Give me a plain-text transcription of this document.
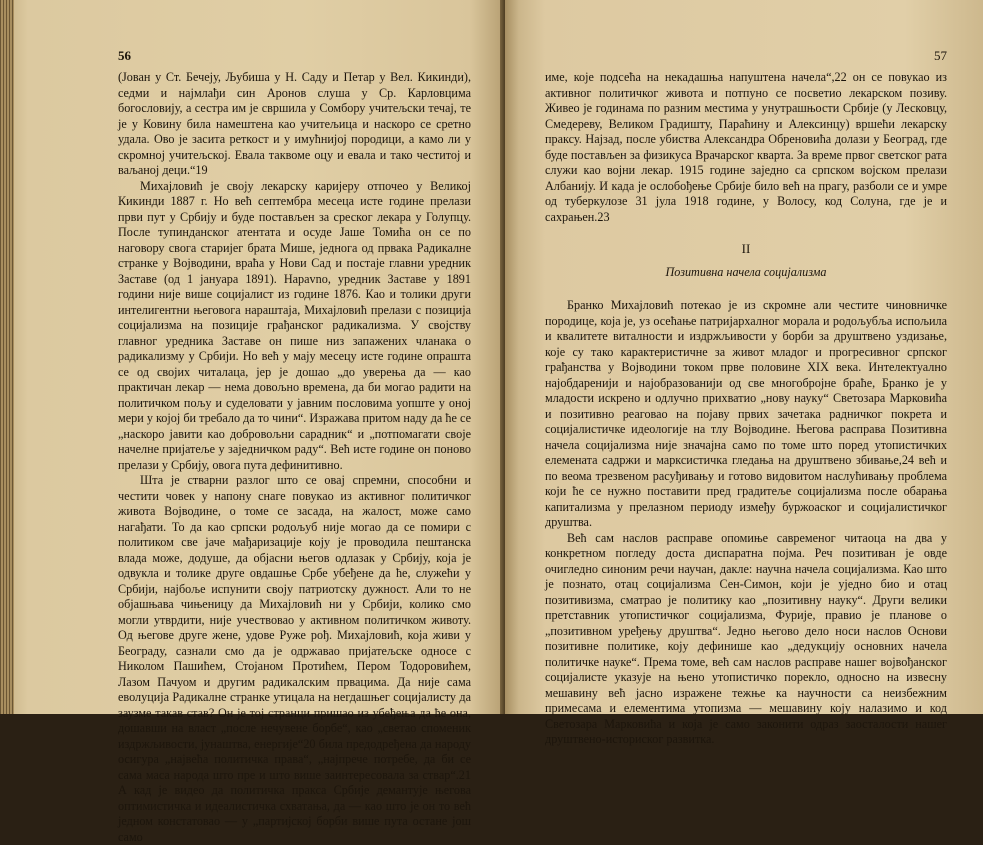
56

(Јован у Ст. Бечеју, Љубиша у Н. Саду и Петар у Вел. Кикинди), седми и најмлађи син Аронов слуша у Ср. Карловцима богословију, а сестра им је свршила у Сомбору учитељски течај, те је у Ковину била намештена као учитељица и наскоро се сретно удала. Ово је засита реткост и у имућнијој породици, а камо ли у скромној учитељској. Евала таквоме оцу и евала и тако честитој и ваљаној деци.“19

Михајловић је своју лекарску каријеру отпочео у Великој Кикинди 1887 г. Но већ септембра месеца исте године прелази први пут у Србију и буде постављен за среског лекара у Голупцу. После тупинданског атентата и осуде Јаше Томића он се по наговору свога старијег брата Мише, једнога од првака Радикалне странке у Војводини, враћа у Нови Сад и постаје главни уредник Заставе (од 1 јануара 1891). Нарavno, уредник Заставе у 1891 години није више социјалист из године 1876. Као и толики други интелигентни његовога нараштаја, Михајловић прелази с позиција социјализма на позиције грађанског радикализма. У својству главног уредника Заставе он пише низ запажених чланака о радикализму у Србији. Но већ у мају месецу исте године опрашта се од својих читалаца, јер је дошао „до уверења да — као практичан лекар — нема довољно времена, да би могао радити на политичком пољу и суделовати у јавним пословима уопште у оној мери у којој би требало да то чини“. Изражава притом наду да ће се „наскоро јавити као добровољни сарадник“ и „потпомагати своје начелне пријатеље у заједничком раду“. Већ исте године он поново прелази у Србију, овога пута дефинитивно.

Шта је стварни разлог што се овај спремни, способни и честити човек у напону снаге повукао из активног политичког живота Војводине, о томе се засада, на жалост, може само нагађати. То да као српски родољуб није могао да се помири с политиком све јаче мађаризације коју је проводила пештанска влада може, додуше, да објасни његов одлазак у Србију, која је одвукла и толике друге овдашње Србе убеђене да ће, служећи у Србији, најбоље испунити своју патриотску дужност. Али то не објашњава чињеницу да Михајловић ни у Србији, колико смо могли утврдити, није учествовао у активном политичком животу. Од његове друге жене, удове Руже рођ. Михајловић, која живи у Београду, сазнали смо да је одржавао пријатељске односе с Николом Пашићем, Стојаном Протићем, Пером Тодоровићем, Лазом Пачуом и другим радикалским првацима. Да није сама еволуција Радикалне странке утицала на негдашњег социјалисту да заузме такав став? Он је тој странци пришао из убеђења да ће она, дошавши на власт „после нечувене борбе“, као „светао споменик издржљивости, јунаштва, енергије“20 била предодређена да народу осигура „највећа политичка права“, „најпрече потребе, да би се сама маса народа што пре и што више заинтересовала за ствар“.21 А кад је видео да политичка пракса Србије демантује његова оптимистичка и идеалистичка схватања, да — као што је он то већ једном констатовао — у „партијској борби више пута остане још само

57

име, које подсећа на некадашња напуштена начела“,22 он се повукао из активног политичког живота и потпуно се посветио лекарском позиву. Живео је годинама по разним местима у унутрашњости Србије (у Лесковцу, Смедереву, Великом Градишту, Параћину и Алексинцу) вршећи лекарску праксу. Најзад, после убиства Александра Обреновића долази у Београд, где буде постављен за физикуса Врачарског кварта. За време првог светског рата служи као војни лекар. 1915 године заједно са српском војском прелази Албанију. И када је ослобођење Србије било већ на прагу, разболи се и умре од туберкулозе 31 јула 1918 године, у Волосу, код Солуна, где је и сахрањен.23

II
Позитивна начела социјализма

Бранко Михајловић потекао је из скромне али честите чиновничке породице, која је, уз осећање патријархалног морала и родољубља испољила и квалитете виталности и издржљивости у борби за друштвено уздизање, које су тако карактеристичне за живот младог и прогресивног српског грађанства у Војводини током прве половине XIX века. Интелектуално најобдаренији и најобразованији од све многобројне браће, Бранко је у младости искрено и одлучно прихватио „нову науку“ Светозара Марковића и позитивно реаговао на појаву првих зачетака радничког покрета и социјалистичке идеологије на тлу Војводине. Његова расправа Позитивна начела социјализма није значајна само по томе што поред утопистичких елемената садржи и марксистичка гледања на друштвено збивање,24 већ и по веома трезвеном расуђивању и готово видовитом наслућивању проблема који ће се нужно поставити пред градитеље социјализма после обарања капитализма у прелазном периоду између буржоаског и социјалистичког друштва.

Већ сам наслов расправе опомиње савременог читаоца на два у конкретном погледу доста диспаратна појма. Реч позитиван је овде очигледно синоним речи научан, дакле: научна начела социјализма. Као што је познато, отац социјализма Сен-Симон, који је уједно био и отац позитивизма, сматрао је политику као „позитивну науку“. Други велики претставник утопистичког социјализма, Фурије, правио је планове о „позитивном уређењу друштва“. Једно његово дело носи наслов Основи позитивне политике, коју дефинише као „дедукцију основних начела политичке науке“. Према томе, већ сам наслов расправе нашег војвођанског социјалисте указује на њено утопистичко порекло, односно на извесну мешавину већ јасно изражене тежње ка научности са неизбежним примесама и елементима утопизма — мешавину коју налазимо и код Светозара Марковића и која је само законити одраз заосталости нашег друштвено-историског развитка.
